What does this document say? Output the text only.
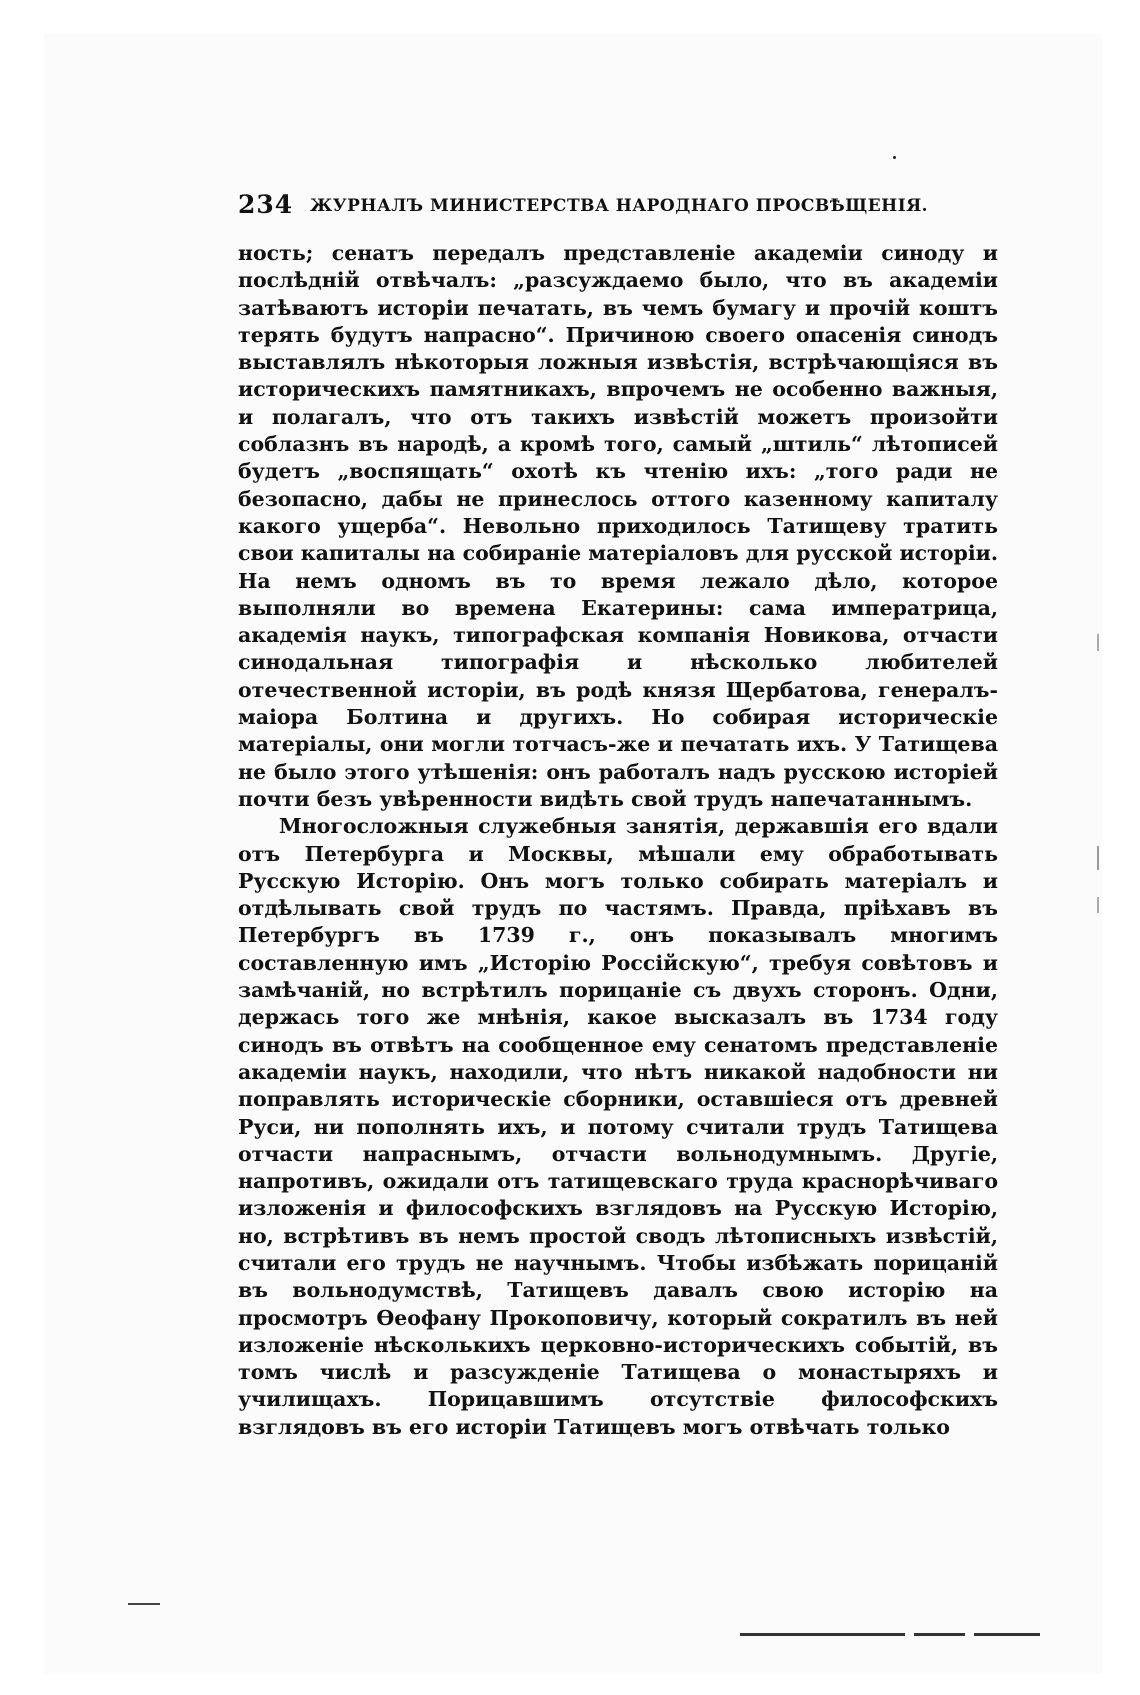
234 ЖУРНАЛЪ МИНИСТЕРСТВА НАРОДНАГО ПРОСВѢЩЕНІЯ.

ность; сенатъ передалъ представленіе академіи синоду и послѣдній отвѣчалъ: „разсуждаемо было, что въ академіи затѣваютъ исторіи печатать, въ чемъ бумагу и прочій коштъ терять будутъ напрасно“. Причиною своего опасенія синодъ выставлялъ нѣкоторыя ложныя извѣстія, встрѣчающіяся въ историческихъ памятникахъ, впрочемъ не особенно важныя, и полагалъ, что отъ такихъ извѣстій можетъ произойти соблазнъ въ народѣ, а кромѣ того, самый „штиль“ лѣтописей будетъ „воспящать“ охотѣ къ чтенію ихъ: „того ради не безопасно, дабы не принеслось оттого казенному капиталу какого ущерба“. Невольно приходилось Татищеву тратить свои капиталы на собираніе матеріаловъ для русской исторіи. На немъ одномъ въ то время лежало дѣло, которое выполняли во времена Екатерины: сама императрица, академія наукъ, типографская компанія Новикова, отчасти синодальная типографія и нѣсколько любителей отечественной исторіи, въ родѣ князя Щербатова, генералъ-маіора Болтина и другихъ. Но собирая историческіе матеріалы, они могли тотчасъ-же и печатать ихъ. У Татищева не было этого утѣшенія: онъ работалъ надъ русскою исторіей почти безъ увѣренности видѣть свой трудъ напечатаннымъ.

Многосложныя служебныя занятія, державшія его вдали отъ Петербурга и Москвы, мѣшали ему обработывать Русскую Исторію. Онъ могъ только собирать матеріалъ и отдѣлывать свой трудъ по частямъ. Правда, пріѣхавъ въ Петербургъ въ 1739 г., онъ показывалъ многимъ составленную имъ „Исторію Россійскую“, требуя совѣтовъ и замѣчаній, но встрѣтилъ порицаніе съ двухъ сторонъ. Одни, держась того же мнѣнія, какое высказалъ въ 1734 году синодъ въ отвѣтъ на сообщенное ему сенатомъ представленіе академіи наукъ, находили, что нѣтъ никакой надобности ни поправлять историческіе сборники, оставшіеся отъ древней Руси, ни пополнять ихъ, и потому считали трудъ Татищева отчасти напраснымъ, отчасти вольнодумнымъ. Другіе, напротивъ, ожидали отъ татищевскаго труда краснорѣчиваго изложенія и философскихъ взглядовъ на Русскую Исторію, но, встрѣтивъ въ немъ простой сводъ лѣтописныхъ извѣстій, считали его трудъ не научнымъ. Чтобы избѣжать порицаній въ вольнодумствѣ, Татищевъ давалъ свою исторію на просмотръ Ѳеофану Прокоповичу, который сократилъ въ ней изложеніе нѣсколькихъ церковно-историческихъ событій, въ томъ числѣ и разсужденіе Татищева о монастыряхъ и училищахъ. Порицавшимъ отсутствіе философскихъ взглядовъ въ его исторіи Татищевъ могъ отвѣчать только
